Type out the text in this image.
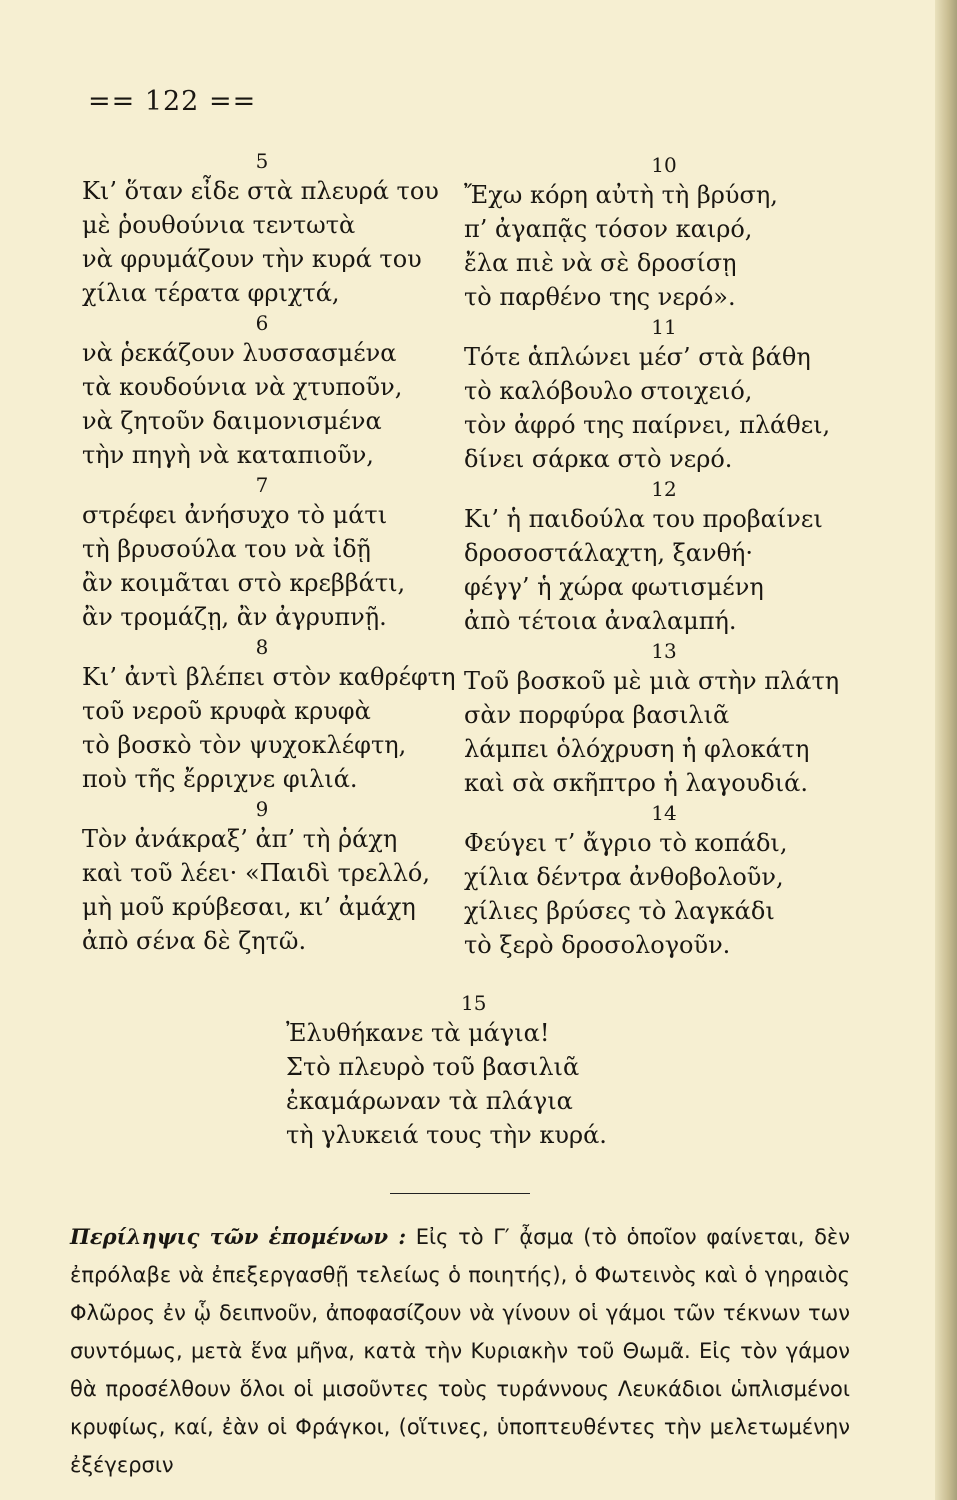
== 122 ==
5
Κι’ ὅταν εἶδε στὰ πλευρά του
μὲ ῥουθούνια τεντωτὰ
νὰ φρυμάζουν τὴν κυρά του
χίλια τέρατα φριχτά,
6
νὰ ῥεκάζουν λυσσασμένα
τὰ κουδούνια νὰ χτυποῦν,
νὰ ζητοῦν δαιμονισμένα
τὴν πηγὴ νὰ καταπιοῦν,
7
στρέφει ἀνήσυχο τὸ μάτι
τὴ βρυσούλα του νὰ ἰδῇ
ἂν κοιμᾶται στὸ κρεββάτι,
ἂν τρομάζῃ, ἂν ἀγρυπνῇ.
8
Κι’ ἀντὶ βλέπει στὸν καθρέφτη
τοῦ νεροῦ κρυφὰ κρυφὰ
τὸ βοσκὸ τὸν ψυχοκλέφτη,
ποὺ τῆς ἔρριχνε φιλιά.
9
Τὸν ἀνάκραξ’ ἀπ’ τὴ ῥάχη
καὶ τοῦ λέει· «Παιδὶ τρελλό,
μὴ μοῦ κρύβεσαι, κι’ ἀμάχη
ἀπὸ σένα δὲ ζητῶ.
10
Ἔχω κόρη αὐτὴ τὴ βρύση,
π’ ἀγαπᾷς τόσον καιρό,
ἔλα πιὲ νὰ σὲ δροσίσῃ
τὸ παρθένο της νερό».
11
Τότε ἁπλώνει μέσ’ στὰ βάθη
τὸ καλόβουλο στοιχειό,
τὸν ἀφρό της παίρνει, πλάθει,
δίνει σάρκα στὸ νερό.
12
Κι’ ἡ παιδούλα του προβαίνει
δροσοστάλαχτη, ξανθή·
φέγγ’ ἡ χώρα φωτισμένη
ἀπὸ τέτοια ἀναλαμπή.
13
Τοῦ βοσκοῦ μὲ μιὰ στὴν πλάτη
σὰν πορφύρα βασιλιᾶ
λάμπει ὁλόχρυση ἡ φλοκάτη
καὶ σὰ σκῆπτρο ἡ λαγουδιά.
14
Φεύγει τ’ ἄγριο τὸ κοπάδι,
χίλια δέντρα ἀνθοβολοῦν,
χίλιες βρύσες τὸ λαγκάδι
τὸ ξερὸ δροσολογοῦν.
15
Ἐλυθήκανε τὰ μάγια!
Στὸ πλευρὸ τοῦ βασιλιᾶ
ἐκαμάρωναν τὰ πλάγια
τὴ γλυκειά τους τὴν κυρά.
Περίληψις τῶν ἑπομένων : Εἰς τὸ Γ′ ᾆσμα (τὸ ὁποῖον φαίνεται, δὲν ἐπρόλαβε νὰ ἐπεξεργασθῇ τελείως ὁ ποιητής), ὁ Φωτεινὸς καὶ ὁ γηραιὸς Φλῶρος ἐν ᾧ δειπνοῦν, ἀποφασίζουν νὰ γίνουν οἱ γάμοι τῶν τέκνων των συντόμως, μετὰ ἕνα μῆνα, κατὰ τὴν Κυριακὴν τοῦ Θωμᾶ. Εἰς τὸν γάμον θὰ προσέλθουν ὅλοι οἱ μισοῦντες τοὺς τυράννους Λευκάδιοι ὡπλισμένοι κρυφίως, καί, ἐὰν οἱ Φράγκοι, (οἵτινες, ὑποπτευθέντες τὴν μελετωμένην ἐξέγερσιν
